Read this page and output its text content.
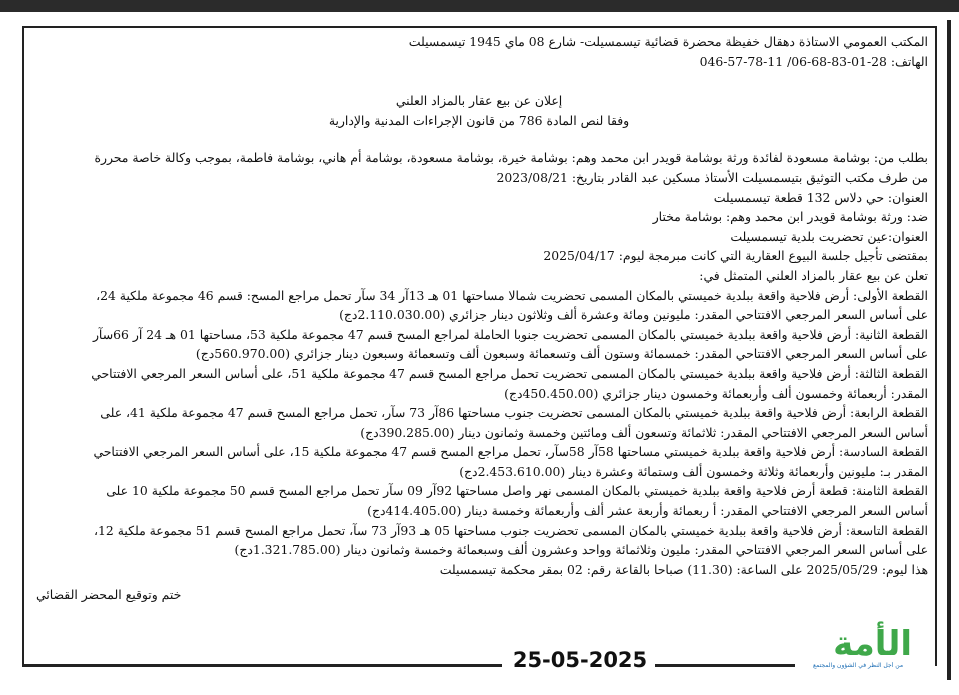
المكتب العمومي الاستاذة دهقال خفيظة محضرة قضائية تيسمسيلت- شارع 08 ماي 1945 تيسمسيلت

الهاتف: 28-01-83-68-06/ 11-78-57-046

إعلان عن بيع عقار بالمزاد العلني

وفقا لنص المادة 786 من قانون الإجراءات المدنية والإدارية

بطلب من: بوشامة مسعودة لفائدة ورثة بوشامة قويدر ابن محمد وهم: بوشامة خيرة، بوشامة مسعودة، بوشامة أم هاني، بوشامة فاطمة، بموجب وكالة خاصة محررة

من طرف مكتب التوثيق بتيسمسيلت الأستاذ مسكين عبد القادر بتاريخ: 2023/08/21

العنوان: حي دلاس 132 قطعة تيسمسيلت

ضد: ورثة بوشامة قويدر ابن محمد وهم: بوشامة مختار

العنوان:عين تحضريت بلدية تيسمسيلت

بمقتضى تأجيل جلسة البيوع العقارية التي كانت مبرمجة ليوم: 2025/04/17

تعلن عن بيع عقار بالمزاد العلني المتمثل في:

القطعة الأولى: أرض فلاحية واقعة ببلدية خميستي بالمكان المسمى تحضريت شمالا مساحتها 01 هـ 13آر 34 سآر تحمل مراجع المسح: قسم 46 مجموعة ملكية 24،

على أساس السعر المرجعي الافتتاحي المقدر: مليونين ومائة وعشرة ألف وثلاثون دينار جزائري (2.110.030.00دج)

القطعة الثانية: أرض فلاحية واقعة ببلدية خميستي بالمكان المسمى تحضريت جنوبا الحاملة لمراجع المسح قسم 47 مجموعة ملكية 53، مساحتها 01 هـ 24 آر 66سآر

على أساس السعر المرجعي الافتتاحي المقدر: خمسمائة وستون ألف وتسعمائة وسبعون ألف وتسعمائة وسبعون دينار جزائري (560.970.00دج)

القطعة الثالثة: أرض فلاحية واقعة ببلدية خميستي بالمكان المسمى تحضريت تحمل مراجع المسح قسم 47 مجموعة ملكية 51، على أساس السعر المرجعي الافتتاحي

المقدر: أربعمائة وخمسون ألف وأربعمائة وخمسون دينار جزائري (450.450.00دج)

القطعة الرابعة: أرض فلاحية واقعة ببلدية خميستي بالمكان المسمى تحضريت جنوب مساحتها 86آر 73 سآر، تحمل مراجع المسح قسم 47 مجموعة ملكية 41، على

أساس السعر المرجعي الافتتاحي المقدر: ثلاثمائة وتسعون ألف ومائتين وخمسة وثمانون دينار (390.285.00دج)

القطعة السادسة: أرض فلاحية واقعة ببلدية خميستي مساحتها 58آر 58سآر، تحمل مراجع المسح قسم 47 مجموعة ملكية 15، على أساس السعر المرجعي الافتتاحي

المقدر بـ: مليونين وأربعمائة وثلاثة وخمسون ألف وستمائة وعشرة دينار (2.453.610.00دج)

القطعة الثامنة: قطعة أرض فلاحية واقعة ببلدية خميستي بالمكان المسمى نهر واصل مساحتها 92آر 09 سآر تحمل مراجع المسح قسم 50 مجموعة ملكية 10 على

أساس السعر المرجعي الافتتاحي المقدر: أ ربعمائة وأربعة عشر ألف وأربعمائة وخمسة دينار (414.405.00دج)

القطعة التاسعة: أرض فلاحية واقعة ببلدية خميستي بالمكان المسمى تحضريت جنوب مساحتها 05 هـ 93آر 73 سآ، تحمل مراجع المسح قسم 51 مجموعة ملكية 12،

على أساس السعر المرجعي الافتتاحي المقدر: مليون وثلاثمائة وواحد وعشرون ألف وسبعمائة وخمسة وثمانون دينار (1.321.785.00دج)

هذا ليوم: 2025/05/29 على الساعة: (11.30) صباحا بالقاعة رقم: 02 بمقر محكمة تيسمسيلت

ختم وتوقيع المحضر القضائي

25-05-2025	الأمة
من أجل النظر في الشؤون والمجتمع
